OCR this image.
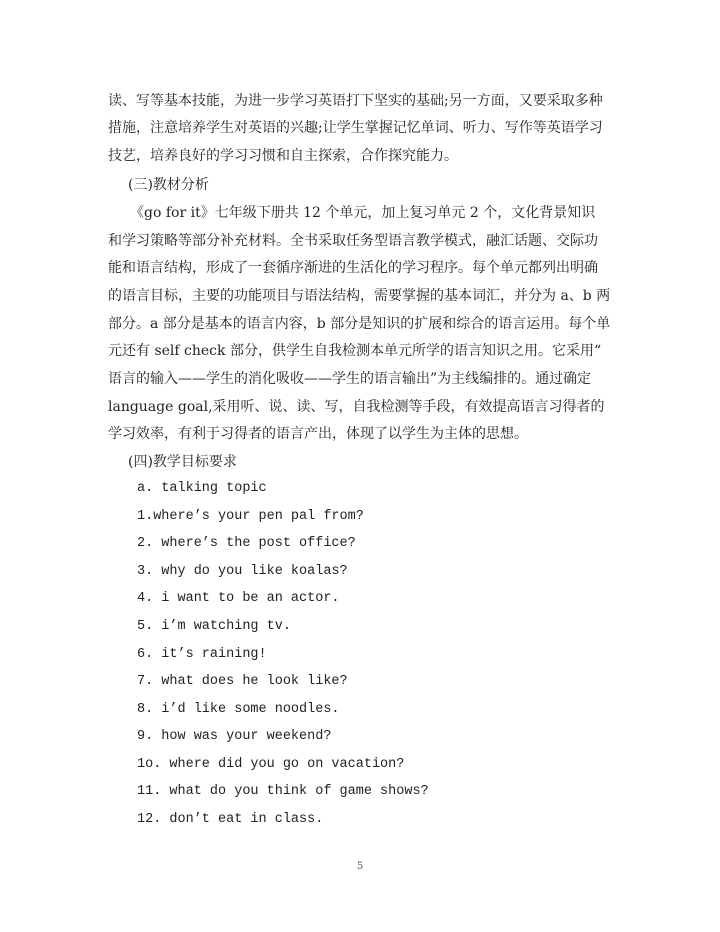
读、写等基本技能，为进一步学习英语打下坚实的基础;另一方面，又要采取多种
措施，注意培养学生对英语的兴趣;让学生掌握记忆单词、听力、写作等英语学习
技艺，培养良好的学习习惯和自主探索，合作探究能力。
(三)教材分析
《go for it》七年级下册共 12 个单元，加上复习单元 2 个，文化背景知识
和学习策略等部分补充材料。全书采取任务型语言教学模式，融汇话题、交际功
能和语言结构，形成了一套循序渐进的生活化的学习程序。每个单元都列出明确
的语言目标，主要的功能项目与语法结构，需要掌握的基本词汇，并分为 a、b 两
部分。a 部分是基本的语言内容，b 部分是知识的扩展和综合的语言运用。每个单
元还有 self check 部分，供学生自我检测本单元所学的语言知识之用。它采用“
语言的输入——学生的消化吸收——学生的语言输出”为主线编排的。通过确定
language goal,采用听、说、读、写，自我检测等手段，有效提高语言习得者的
学习效率，有利于习得者的语言产出，体现了以学生为主体的思想。
(四)教学目标要求
a. talking topic
1.where’s your pen pal from?
2. where’s the post office?
3. why do you like koalas?
4. i want to be an actor.
5. i’m watching tv.
6. it’s raining!
7. what does he look like?
8. i’d like some noodles.
9. how was your weekend?
1o. where did you go on vacation?
11. what do you think of game shows?
12. don’t eat in class.
5
